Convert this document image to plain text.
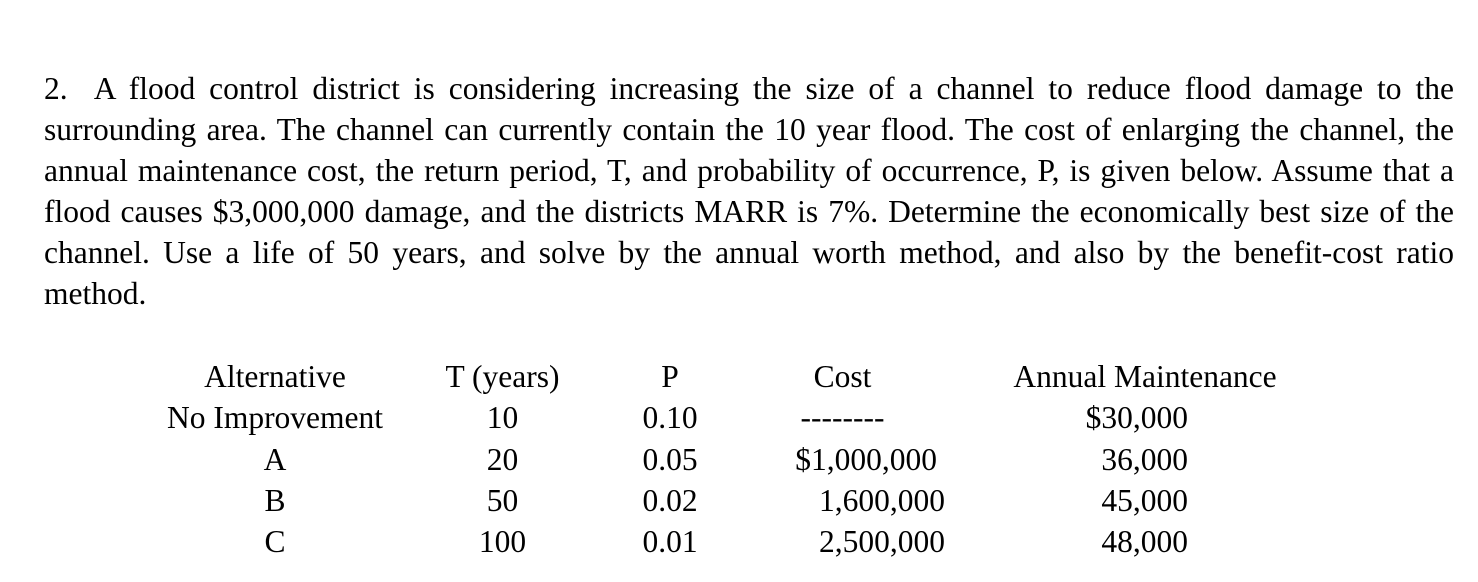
2. A flood control district is considering increasing the size of a channel to reduce flood damage to the surrounding area. The channel can currently contain the 10 year flood. The cost of enlarging the channel, the annual maintenance cost, the return period, T, and probability of occurrence, P, is given below. Assume that a flood causes $3,000,000 damage, and the districts MARR is 7%. Determine the economically best size of the channel. Use a life of 50 years, and solve by the annual worth method, and also by the benefit-cost ratio method.

Alternative	T (years)	P	Cost	Annual Maintenance
No Improvement	10	0.10	--------	$30,000
A	20	0.05	$1,000,000	36,000
B	50	0.02	1,600,000	45,000
C	100	0.01	2,500,000	48,000
